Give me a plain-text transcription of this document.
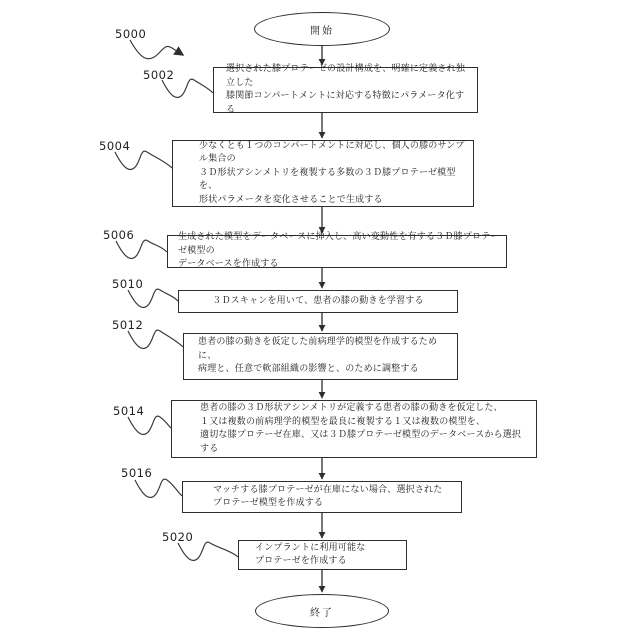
開始
選択された膝プロテーゼの設計構成を、明確に定義され独立した
膝関節コンパートメントに対応する特徴にパラメータ化する
少なくとも１つのコンパートメントに対応し、個人の膝のサンプル集合の
３Ｄ形状アシンメトリを複製する多数の３Ｄ膝プロテーゼ模型を、
形状パラメータを変化させることで生成する
生成された模型をデータベースに挿入し、高い変動性を有する３Ｄ膝プロテーゼ模型の
データベースを作成する
３Ｄスキャンを用いて、患者の膝の動きを学習する
患者の膝の動きを仮定した前病理学的模型を作成するために、
病理と、任意で軟部組織の影響と、のために調整する
患者の膝の３Ｄ形状アシンメトリが定義する患者の膝の動きを仮定した、
１又は複数の前病理学的模型を最良に複製する１又は複数の模型を、
適切な膝プロテーゼ在庫、又は３Ｄ膝プロテーゼ模型のデータベースから選択する
マッチする膝プロテーゼが在庫にない場合、選択された
プロテーゼ模型を作成する
インプラントに利用可能な
プロテーゼを作成する
終了
5000
5002
5004
5006
5010
5012
5014
5016
5020
